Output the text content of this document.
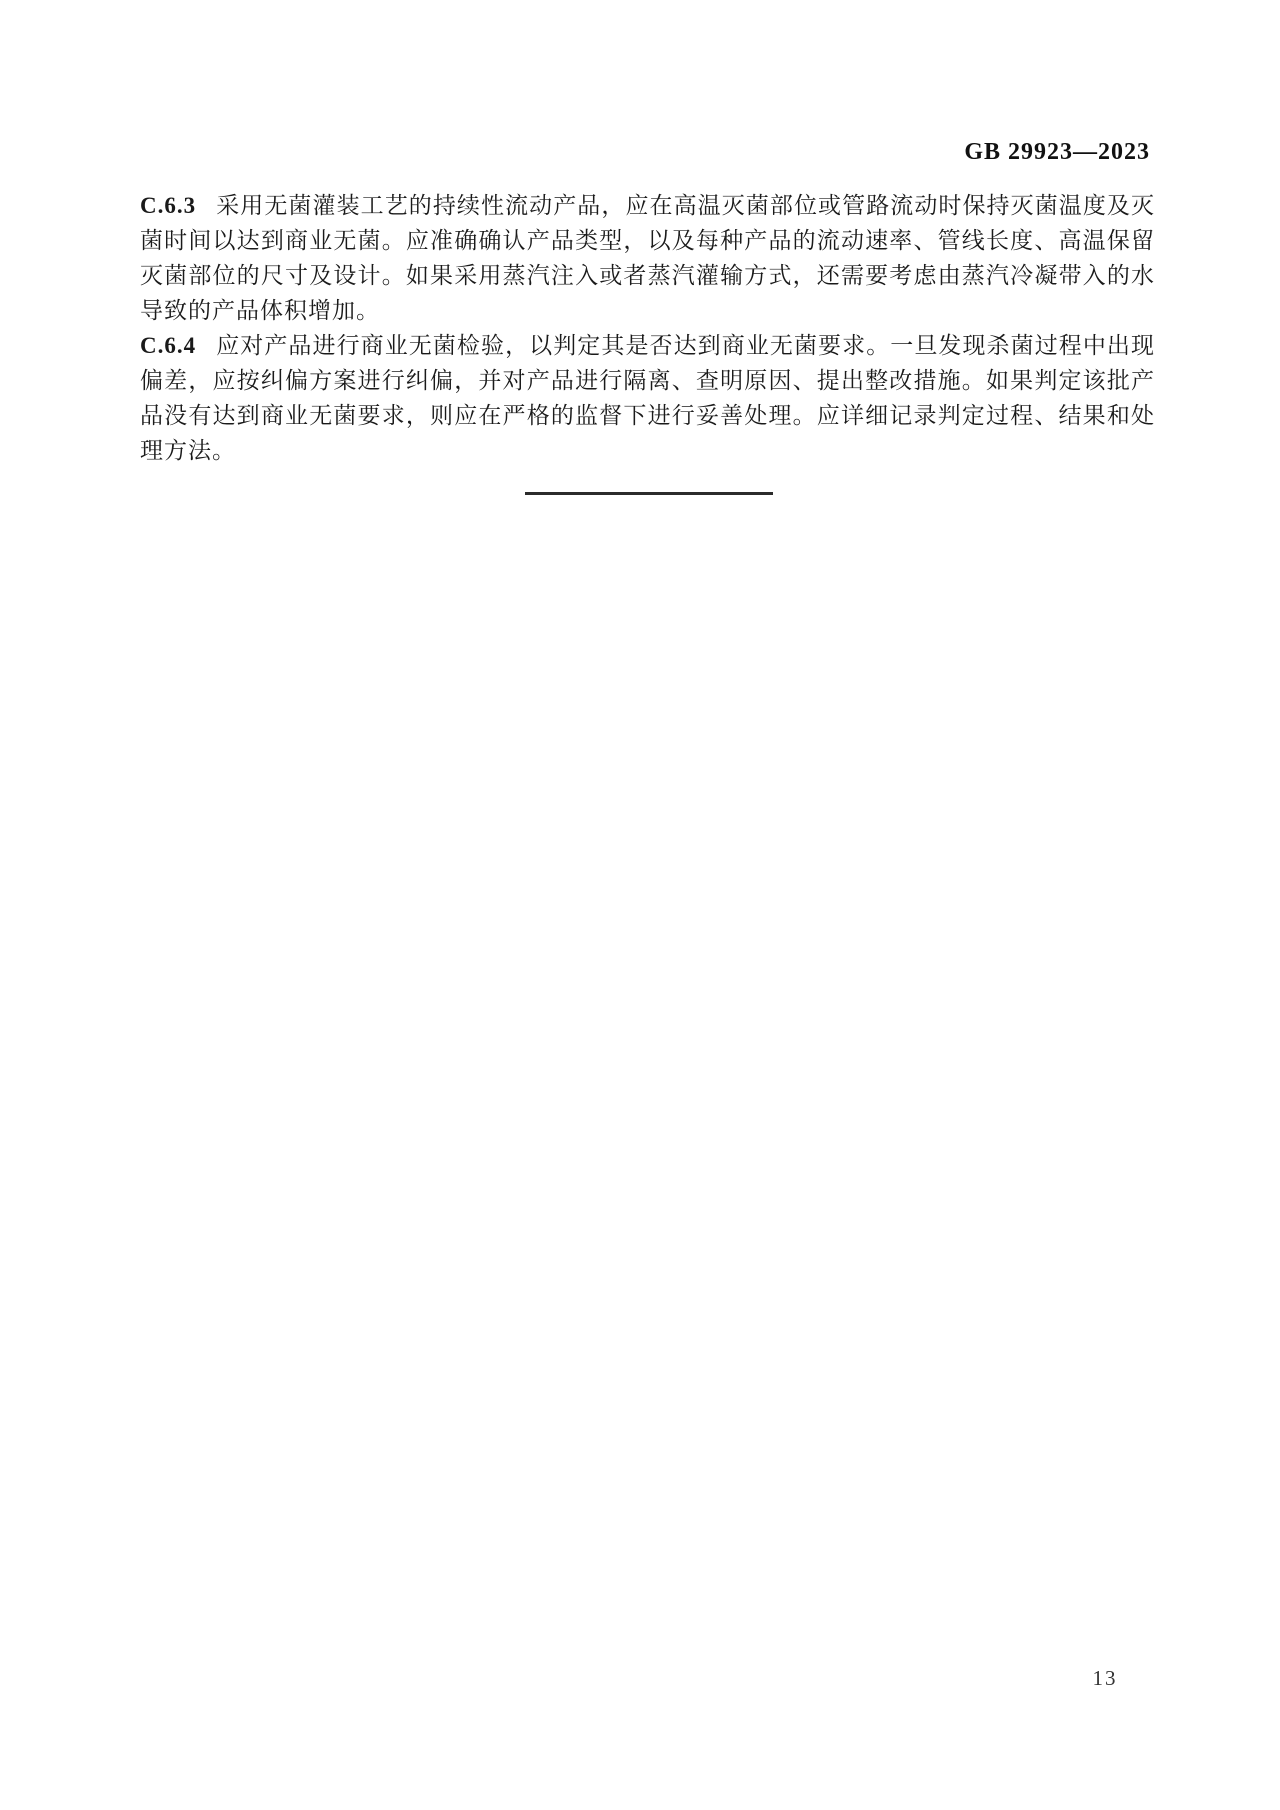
GB 29923—2023

C.6.3 采用无菌灌装工艺的持续性流动产品，应在高温灭菌部位或管路流动时保持灭菌温度及灭菌时间以达到商业无菌。应准确确认产品类型，以及每种产品的流动速率、管线长度、高温保留灭菌部位的尺寸及设计。如果采用蒸汽注入或者蒸汽灌输方式，还需要考虑由蒸汽冷凝带入的水导致的产品体积增加。

C.6.4 应对产品进行商业无菌检验，以判定其是否达到商业无菌要求。一旦发现杀菌过程中出现偏差，应按纠偏方案进行纠偏，并对产品进行隔离、查明原因、提出整改措施。如果判定该批产品没有达到商业无菌要求，则应在严格的监督下进行妥善处理。应详细记录判定过程、结果和处理方法。

13
